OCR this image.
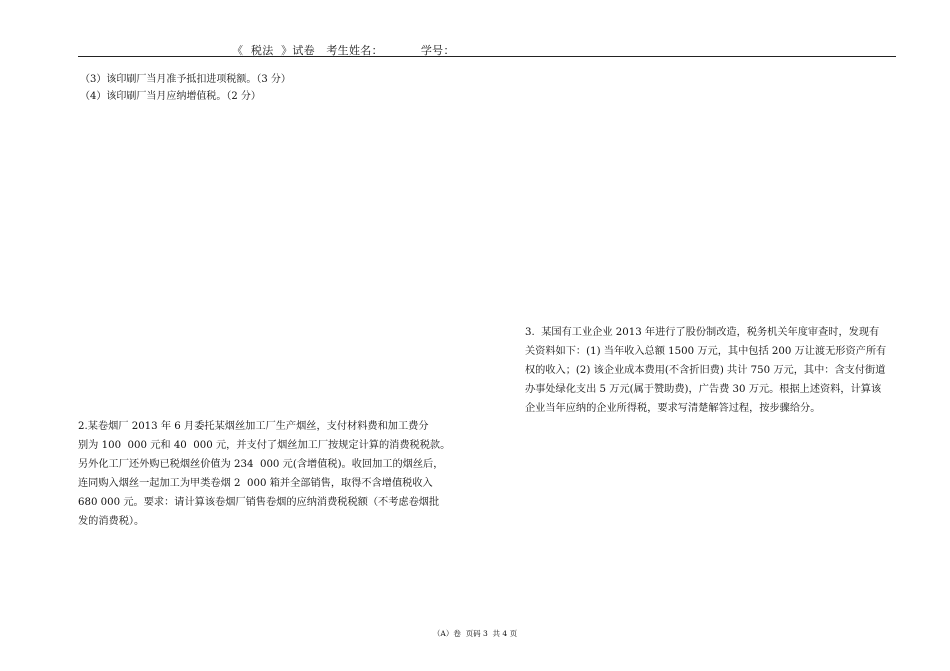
《  税法  》试卷   考生姓名：          学号：
（3）该印刷厂当月准予抵扣进项税额。（3 分）
（4）该印刷厂当月应纳增值税。（2 分）
3.  某国有工业企业 2013 年进行了股份制改造，税务机关年度审查时，发现有
关资料如下：(1) 当年收入总额 1500 万元，其中包括 200 万让渡无形资产所有
权的收入；(2) 该企业成本费用(不含折旧费) 共计 750 万元，其中：含支付街道
办事处绿化支出 5 万元(属于赞助费)，广告费 30 万元。根据上述资料，计算该
企业当年应纳的企业所得税，要求写清楚解答过程，按步骤给分。
2.某卷烟厂 2013 年 6 月委托某烟丝加工厂生产烟丝，支付材料费和加工费分
别为 100  000 元和 40  000 元，并支付了烟丝加工厂按规定计算的消费税税款。
另外化工厂还外购已税烟丝价值为 234  000 元(含增值税)。收回加工的烟丝后，
连同购入烟丝一起加工为甲类卷烟 2  000 箱并全部销售，取得不含增值税收入
680 000 元。要求：请计算该卷烟厂销售卷烟的应纳消费税税额（不考虑卷烟批
发的消费税）。
（A）卷  页码 3  共 4 页
